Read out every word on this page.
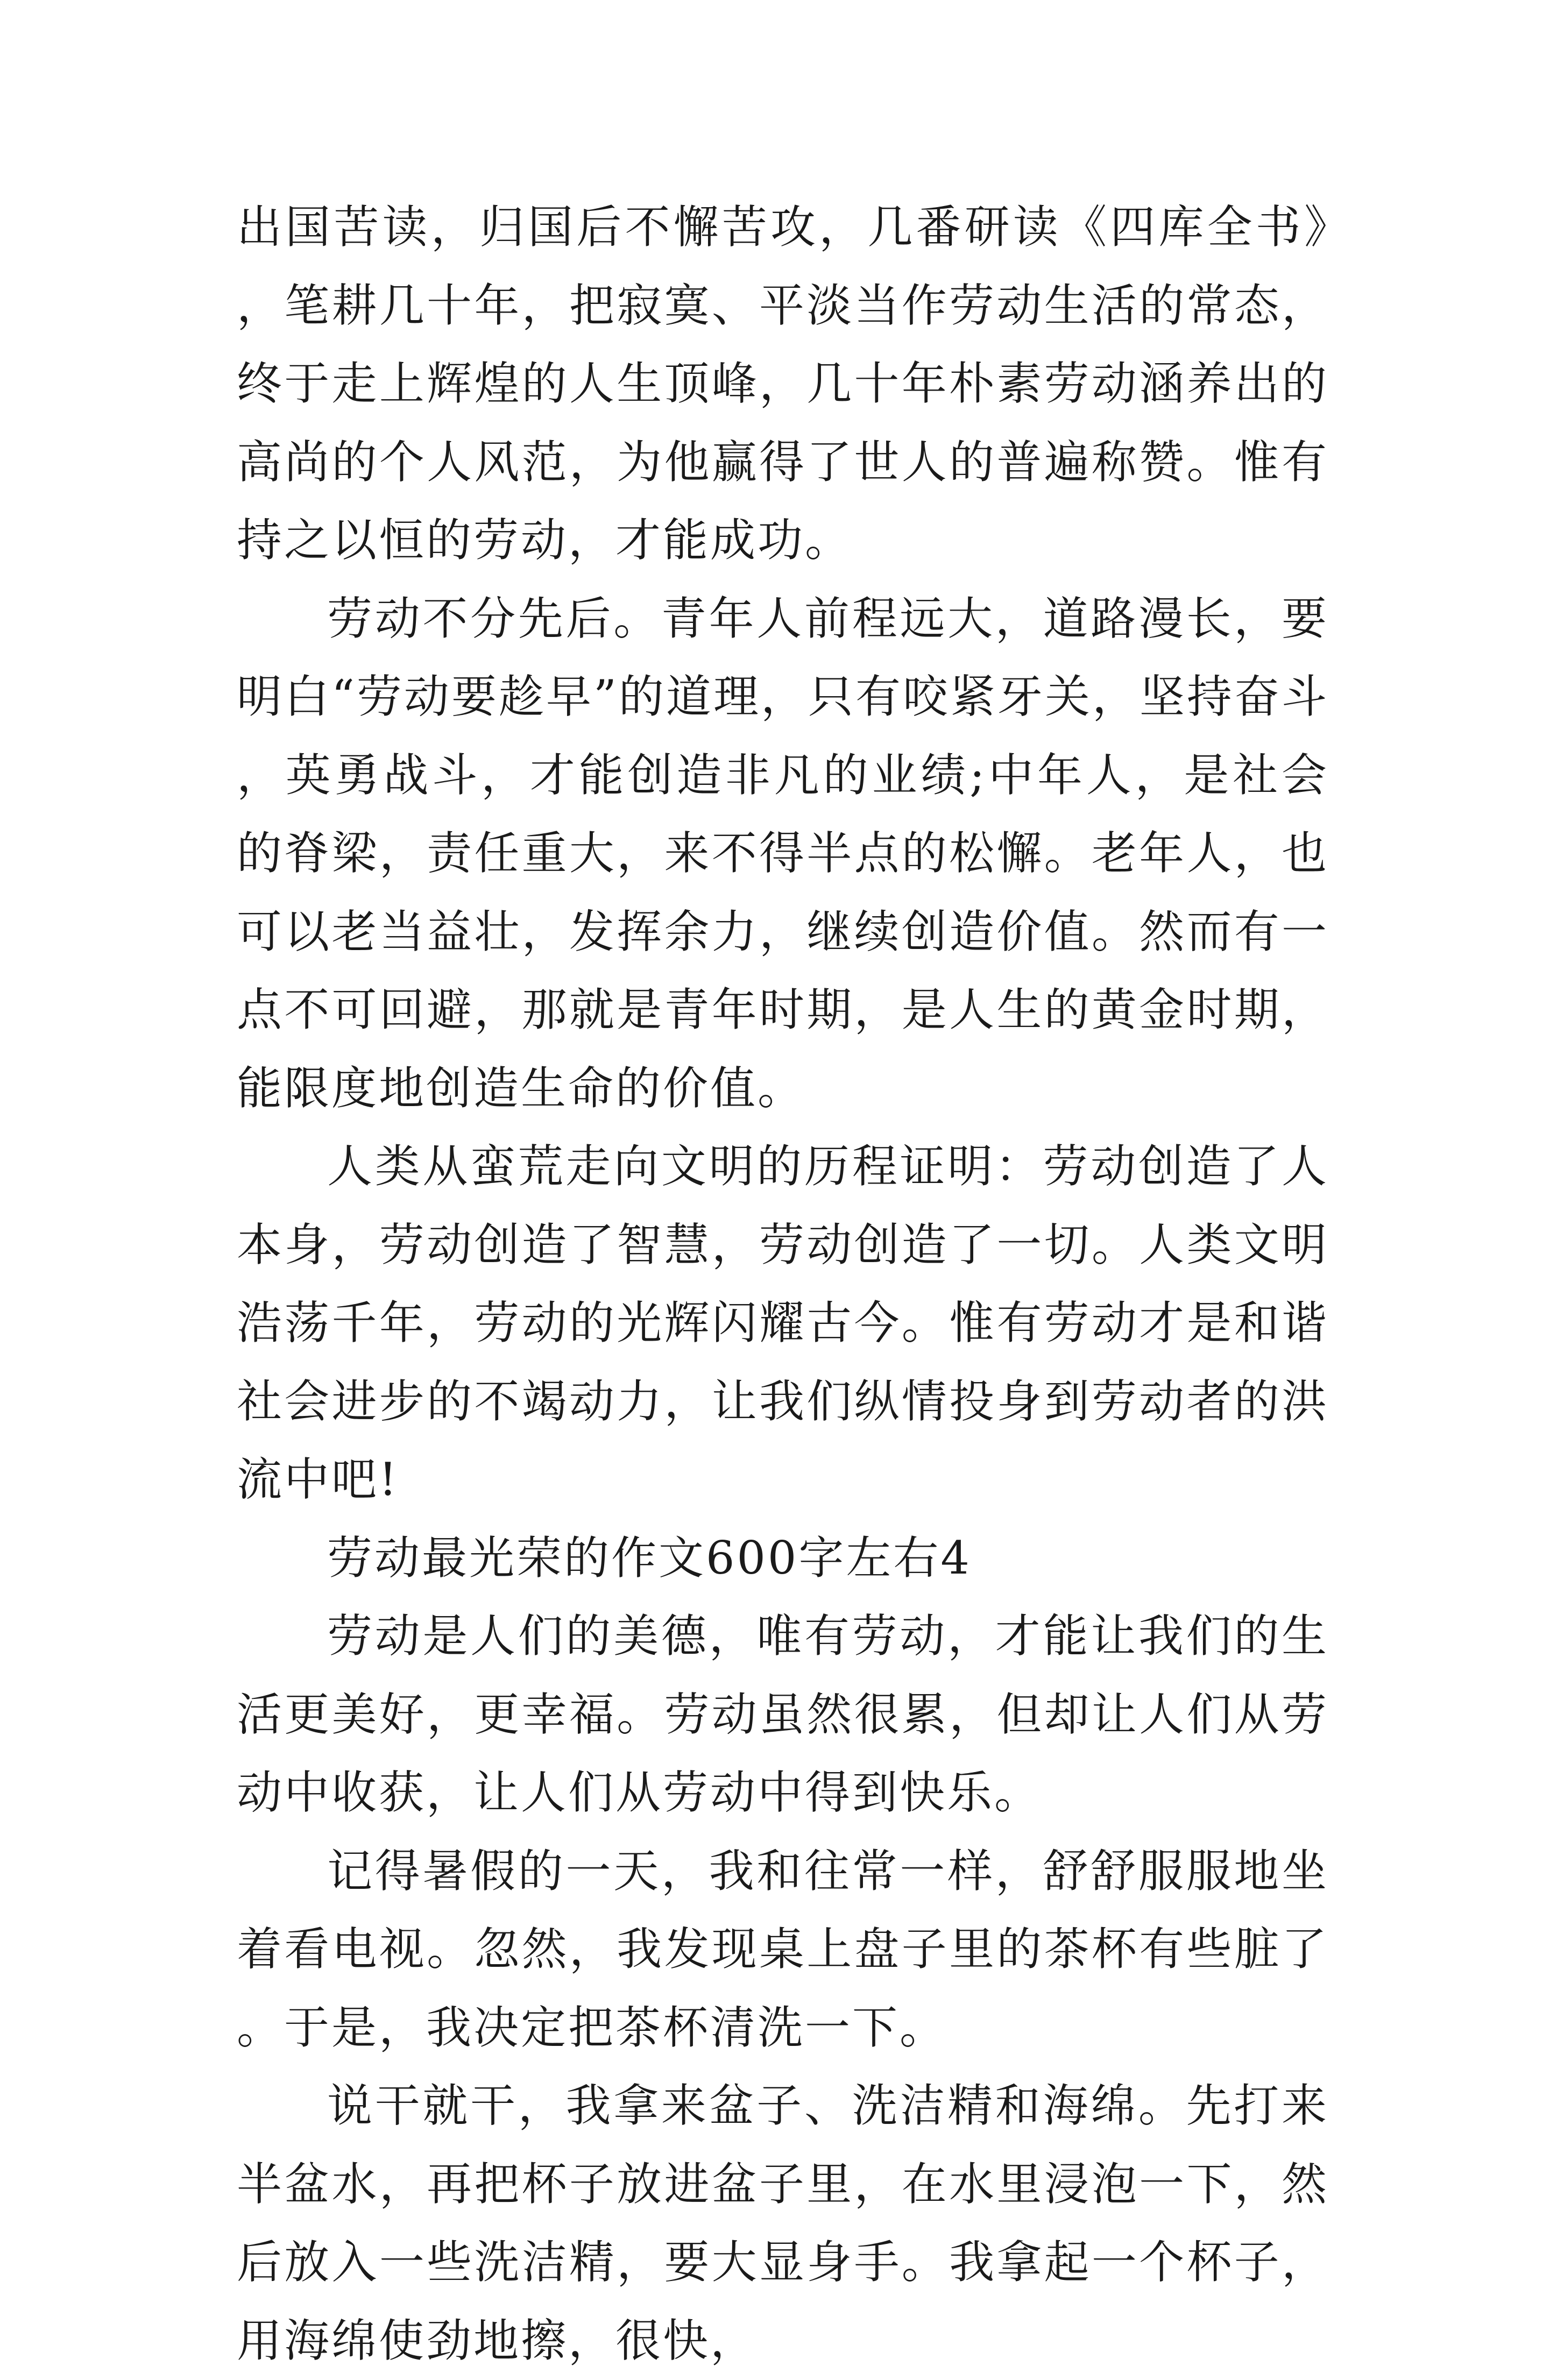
出国苦读，归国后不懈苦攻，几番研读《四库全书》，笔耕几十年，把寂寞、平淡当作劳动生活的常态，终于走上辉煌的人生顶峰，几十年朴素劳动涵养出的高尚的个人风范，为他赢得了世人的普遍称赞。惟有持之以恒的劳动，才能成功。

劳动不分先后。青年人前程远大，道路漫长，要明白“劳动要趁早”的道理，只有咬紧牙关，坚持奋斗，英勇战斗，才能创造非凡的业绩;中年人，是社会的脊梁，责任重大，来不得半点的松懈。老年人，也可以老当益壮，发挥余力，继续创造价值。然而有一点不可回避，那就是青年时期，是人生的黄金时期，能限度地创造生命的价值。

人类从蛮荒走向文明的历程证明：劳动创造了人本身，劳动创造了智慧，劳动创造了一切。人类文明浩荡千年，劳动的光辉闪耀古今。惟有劳动才是和谐社会进步的不竭动力，让我们纵情投身到劳动者的洪流中吧!

劳动最光荣的作文600字左右4

劳动是人们的美德，唯有劳动，才能让我们的生活更美好，更幸福。劳动虽然很累，但却让人们从劳动中收获，让人们从劳动中得到快乐。

记得暑假的一天，我和往常一样，舒舒服服地坐着看电视。忽然，我发现桌上盘子里的茶杯有些脏了。于是，我决定把茶杯清洗一下。

说干就干，我拿来盆子、洗洁精和海绵。先打来半盆水，再把杯子放进盆子里，在水里浸泡一下，然后放入一些洗洁精，要大显身手。我拿起一个杯子，用海绵使劲地擦，很快，
